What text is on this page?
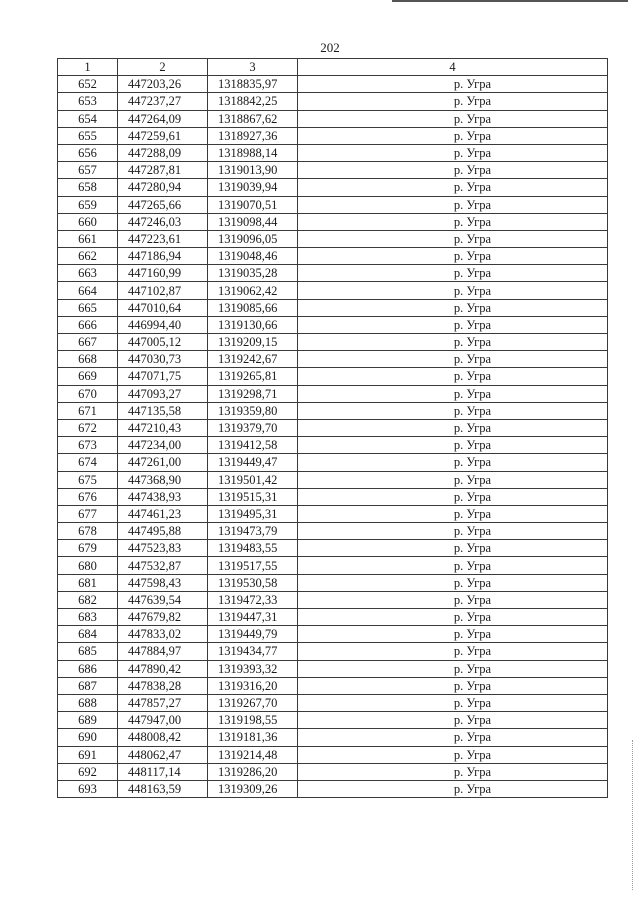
202
1	2	3	4
652	447203,26	1318835,97	р. Угра
653	447237,27	1318842,25	р. Угра
654	447264,09	1318867,62	р. Угра
655	447259,61	1318927,36	р. Угра
656	447288,09	1318988,14	р. Угра
657	447287,81	1319013,90	р. Угра
658	447280,94	1319039,94	р. Угра
659	447265,66	1319070,51	р. Угра
660	447246,03	1319098,44	р. Угра
661	447223,61	1319096,05	р. Угра
662	447186,94	1319048,46	р. Угра
663	447160,99	1319035,28	р. Угра
664	447102,87	1319062,42	р. Угра
665	447010,64	1319085,66	р. Угра
666	446994,40	1319130,66	р. Угра
667	447005,12	1319209,15	р. Угра
668	447030,73	1319242,67	р. Угра
669	447071,75	1319265,81	р. Угра
670	447093,27	1319298,71	р. Угра
671	447135,58	1319359,80	р. Угра
672	447210,43	1319379,70	р. Угра
673	447234,00	1319412,58	р. Угра
674	447261,00	1319449,47	р. Угра
675	447368,90	1319501,42	р. Угра
676	447438,93	1319515,31	р. Угра
677	447461,23	1319495,31	р. Угра
678	447495,88	1319473,79	р. Угра
679	447523,83	1319483,55	р. Угра
680	447532,87	1319517,55	р. Угра
681	447598,43	1319530,58	р. Угра
682	447639,54	1319472,33	р. Угра
683	447679,82	1319447,31	р. Угра
684	447833,02	1319449,79	р. Угра
685	447884,97	1319434,77	р. Угра
686	447890,42	1319393,32	р. Угра
687	447838,28	1319316,20	р. Угра
688	447857,27	1319267,70	р. Угра
689	447947,00	1319198,55	р. Угра
690	448008,42	1319181,36	р. Угра
691	448062,47	1319214,48	р. Угра
692	448117,14	1319286,20	р. Угра
693	448163,59	1319309,26	р. Угра
